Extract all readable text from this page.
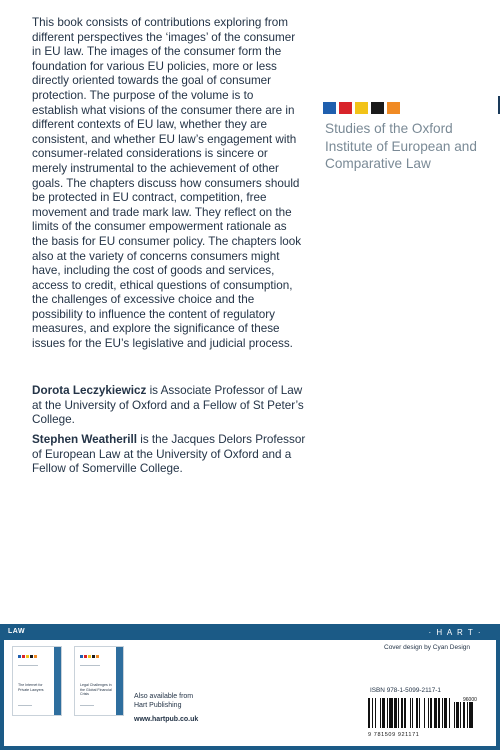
This book consists of contributions exploring from different perspectives the ‘images’ of the consumer in EU law. The images of the consumer form the foundation for various EU policies, more or less directly oriented towards the goal of consumer protection. The purpose of the volume is to establish what visions of the consumer there are in different contexts of EU law, whether they are consistent, and whether EU law’s engagement with consumer-related considerations is sincere or merely instrumental to the achievement of other goals. The chapters discuss how consumers should be protected in EU contract, competition, free movement and trade mark law. They reflect on the limits of the consumer empowerment rationale as the basis for EU consumer policy. The chapters look also at the variety of concerns consumers might have, including the cost of goods and services, access to credit, ethical questions of consumption, the challenges of excessive choice and the possibility to influence the content of regulatory measures, and explore the significance of these issues for the EU’s legislative and judicial process.
Dorota Leczykiewicz is Associate Professor of Law at the University of Oxford and a Fellow of St Peter’s College.
Stephen Weatherill is the Jacques Delors Professor of European Law at the University of Oxford and a Fellow of Somerville College.
Studies of the Oxford Institute of European and Comparative Law
LAW	· H A R T ·
The Internet for Private Lawyers
Legal Challenges in the Global Financial Crisis	Also available from
Hart Publishing
www.hartpub.co.uk
Cover design by Cyan Design
ISBN 978-1-5099-2117-1
96000
9 781509 921171
